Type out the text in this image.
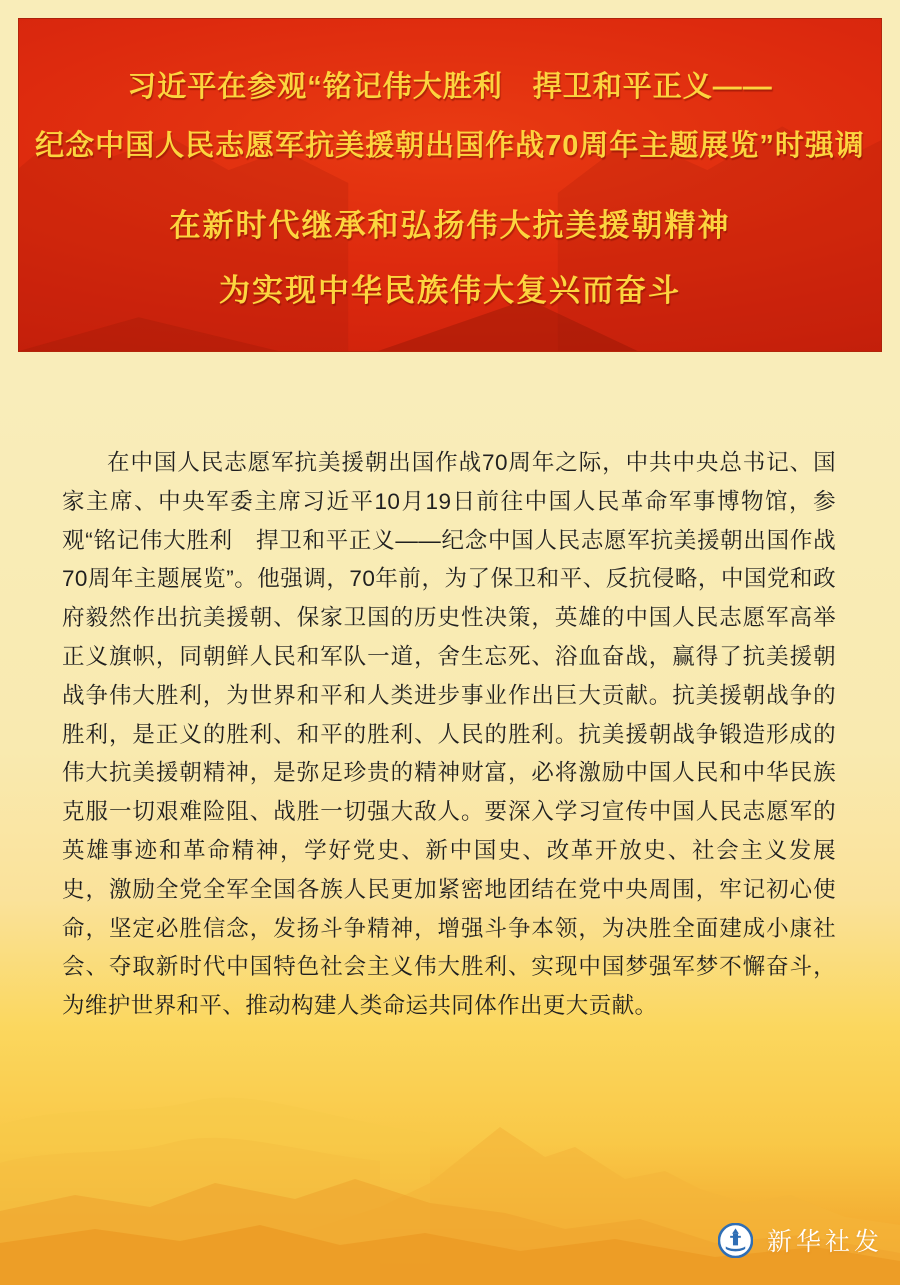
习近平在参观“铭记伟大胜利　捍卫和平正义——
纪念中国人民志愿军抗美援朝出国作战70周年主题展览”时强调
在新时代继承和弘扬伟大抗美援朝精神
为实现中华民族伟大复兴而奋斗

在中国人民志愿军抗美援朝出国作战70周年之际，中共中央总书记、国家主席、中央军委主席习近平10月19日前往中国人民革命军事博物馆，参观“铭记伟大胜利　捍卫和平正义——纪念中国人民志愿军抗美援朝出国作战70周年主题展览”。他强调，70年前，为了保卫和平、反抗侵略，中国党和政府毅然作出抗美援朝、保家卫国的历史性决策，英雄的中国人民志愿军高举正义旗帜，同朝鲜人民和军队一道，舍生忘死、浴血奋战，赢得了抗美援朝战争伟大胜利，为世界和平和人类进步事业作出巨大贡献。抗美援朝战争的胜利，是正义的胜利、和平的胜利、人民的胜利。抗美援朝战争锻造形成的伟大抗美援朝精神，是弥足珍贵的精神财富，必将激励中国人民和中华民族克服一切艰难险阻、战胜一切强大敌人。要深入学习宣传中国人民志愿军的英雄事迹和革命精神，学好党史、新中国史、改革开放史、社会主义发展史，激励全党全军全国各族人民更加紧密地团结在党中央周围，牢记初心使命，坚定必胜信念，发扬斗争精神，增强斗争本领，为决胜全面建成小康社会、夺取新时代中国特色社会主义伟大胜利、实现中国梦强军梦不懈奋斗，为维护世界和平、推动构建人类命运共同体作出更大贡献。

新华社发
